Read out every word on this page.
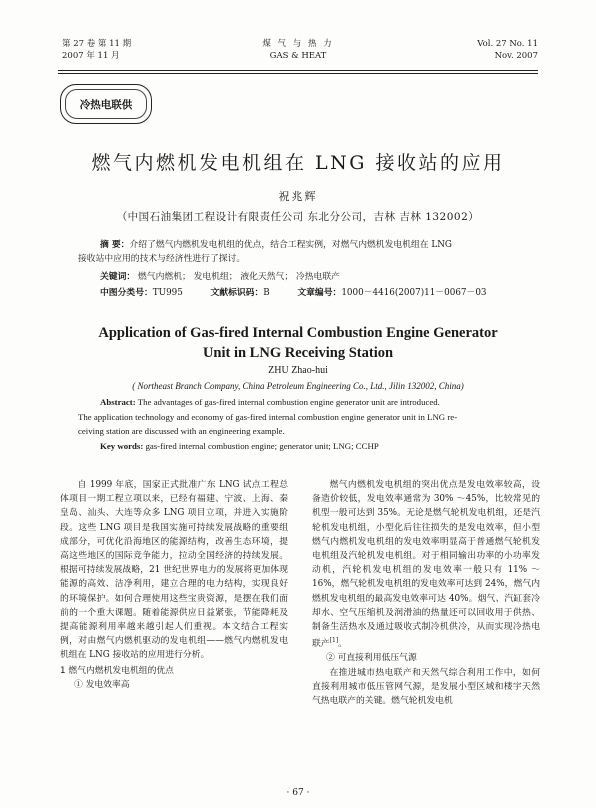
第 27 卷 第 11 期
2007 年 11 月
煤 气 与 热 力
GAS & HEAT
Vol. 27 No. 11
Nov. 2007
冷热电联供
燃气内燃机发电机组在 LNG 接收站的应用
祝兆辉
（中国石油集团工程设计有限责任公司 东北分公司，吉林 吉林 132002）
摘 要：介绍了燃气内燃机发电机组的优点，结合工程实例，对燃气内燃机发电机组在 LNG
接收站中应用的技术与经济性进行了探讨。
关键词： 燃气内燃机； 发电机组； 液化天然气； 冷热电联产
中图分类号：TU995	文献标识码：B	文章编号：1000－4416(2007)11－0067－03
Application of Gas-fired Internal Combustion Engine Generator
Unit in LNG Receiving Station
ZHU Zhao-hui
( Northeast Branch Company, China Petroleum Engineering Co., Ltd., Jilin 132002, China)
Abstract: The advantages of gas-fired internal combustion engine generator unit are introduced.
The application technology and economy of gas-fired internal combustion engine generator unit in LNG re-
ceiving station are discussed with an engineering example.
Key words: gas-fired internal combustion engine; generator unit; LNG; CCHP

自 1999 年底，国家正式批准广东 LNG 试点工程总体项目一期工程立项以来，已经有福建、宁波、上海、秦皇岛、汕头、大连等众多 LNG 项目立项，并进入实施阶段。这些 LNG 项目是我国实施可持续发展战略的重要组成部分，可优化沿海地区的能源结构，改善生态环境，提高这些地区的国际竞争能力，拉动全国经济的持续发展。根据可持续发展战略，21 世纪世界电力的发展将更加体现能源的高效、洁净利用，建立合理的电力结构，实现良好的环境保护。如何合理使用这些宝贵资源，是摆在我们面前的一个重大课题。随着能源供应日益紧张，节能降耗及提高能源利用率越来越引起人们重视。本文结合工程实例，对由燃气内燃机驱动的发电机组——燃气内燃机发电机组在 LNG 接收站的应用进行分析。

1 燃气内燃机发电机组的优点
① 发电效率高

燃气内燃机发电机组的突出优点是发电效率较高，设备造价较低，发电效率通常为 30% ～45%，比较常见的机型一般可达到 35%。无论是燃气轮机发电机组，还是汽轮机发电机组，小型化后往往损失的是发电效率，但小型燃气内燃机发电机组的发电效率明显高于普通燃气轮机发电机组及汽轮机发电机组。对于相同输出功率的小功率发动机，汽轮机发电机组的发电效率一般只有 11% ～16%，燃气轮机发电机组的发电效率可达到 24%，燃气内燃机发电机组的最高发电效率可达 40%。烟气、汽缸套冷却水、空气压缩机及润滑油的热量还可以回收用于供热、制备生活热水及通过吸收式制冷机供冷，从而实现冷热电联产[1]。

② 可直接利用低压气源

在推进城市热电联产和天然气综合利用工作中，如何直接利用城市低压管网气源，是发展小型区域和楼宇天然气热电联产的关键。燃气轮机发电机

· 67 ·
